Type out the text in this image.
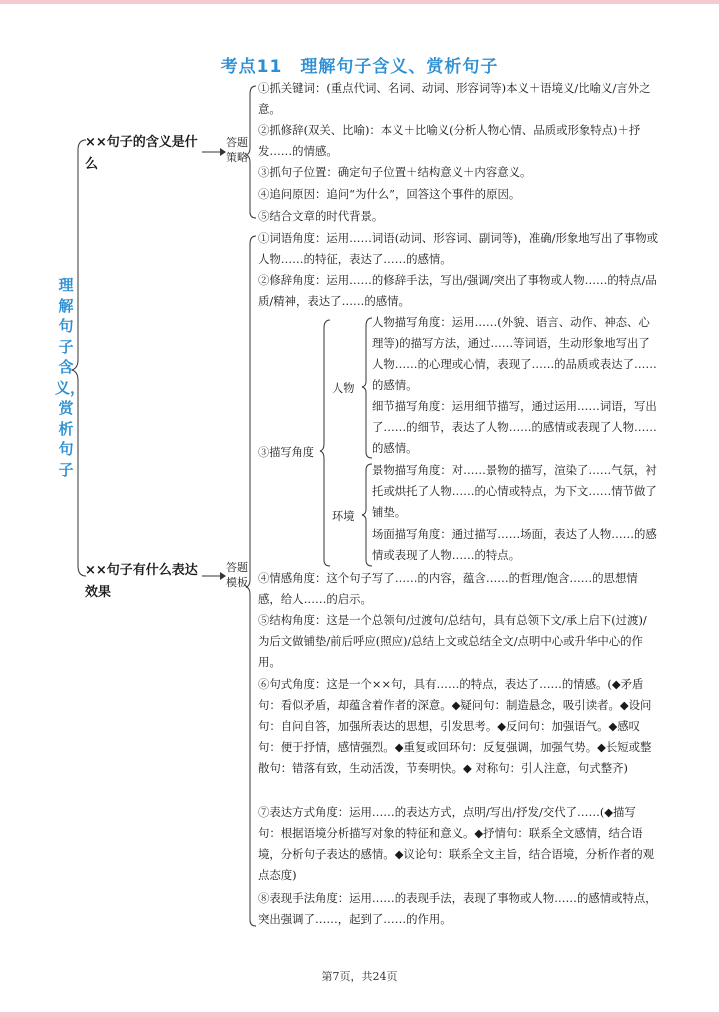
考点11　理解句子含义、赏析句子
理解句子含义，赏析句子
××句子的含义是什么
答题策略
①抓关键词：(重点代词、名词、动词、形容词等)本义＋语境义/比喻义/言外之意。
②抓修辞(双关、比喻)：本义＋比喻义(分析人物心情、品质或形象特点)＋抒发……的情感。
③抓句子位置：确定句子位置＋结构意义＋内容意义。
④追问原因：追问“为什么”，回答这个事件的原因。
⑤结合文章的时代背景。
××句子有什么表达效果
答题模板
①词语角度：运用……词语(动词、形容词、副词等)，准确/形象地写出了事物或人物……的特征，表达了……的感情。
②修辞角度：运用……的修辞手法，写出/强调/突出了事物或人物……的特点/品质/精神，表达了……的感情。
③描写角度
人物
环境
人物描写角度：运用……(外貌、语言、动作、神态、心理等)的描写方法，通过……等词语，生动形象地写出了人物……的心理或心情，表现了……的品质或表达了……的感情。
细节描写角度：运用细节描写，通过运用……词语，写出了……的细节，表达了人物……的感情或表现了人物……的感情。
景物描写角度：对……景物的描写，渲染了……气氛，衬托或烘托了人物……的心情或特点，为下文……情节做了铺垫。
场面描写角度：通过描写……场面，表达了人物……的感情或表现了人物……的特点。
④情感角度：这个句子写了……的内容，蕴含……的哲理/饱含……的思想情感，给人……的启示。
⑤结构角度：这是一个总领句/过渡句/总结句，具有总领下文/承上启下(过渡)/为后文做铺垫/前后呼应(照应)/总结上文或总结全文/点明中心或升华中心的作用。
⑥句式角度：这是一个××句，具有……的特点，表达了……的情感。(◆矛盾句：看似矛盾，却蕴含着作者的深意。◆疑问句：制造悬念，吸引读者。◆设问句：自问自答，加强所表达的思想，引发思考。◆反问句：加强语气。◆感叹句：便于抒情，感情强烈。◆重复或回环句：反复强调，加强气势。◆长短或整散句：错落有致，生动活泼，节奏明快。◆ 对称句：引人注意，句式整齐)
⑦表达方式角度：运用……的表达方式，点明/写出/抒发/交代了……(◆描写句：根据语境分析描写对象的特征和意义。◆抒情句：联系全文感情，结合语境，分析句子表达的感情。◆议论句：联系全文主旨，结合语境，分析作者的观点态度)
⑧表现手法角度：运用……的表现手法，表现了事物或人物……的感情或特点，突出强调了……，起到了……的作用。
第7页，共24页
